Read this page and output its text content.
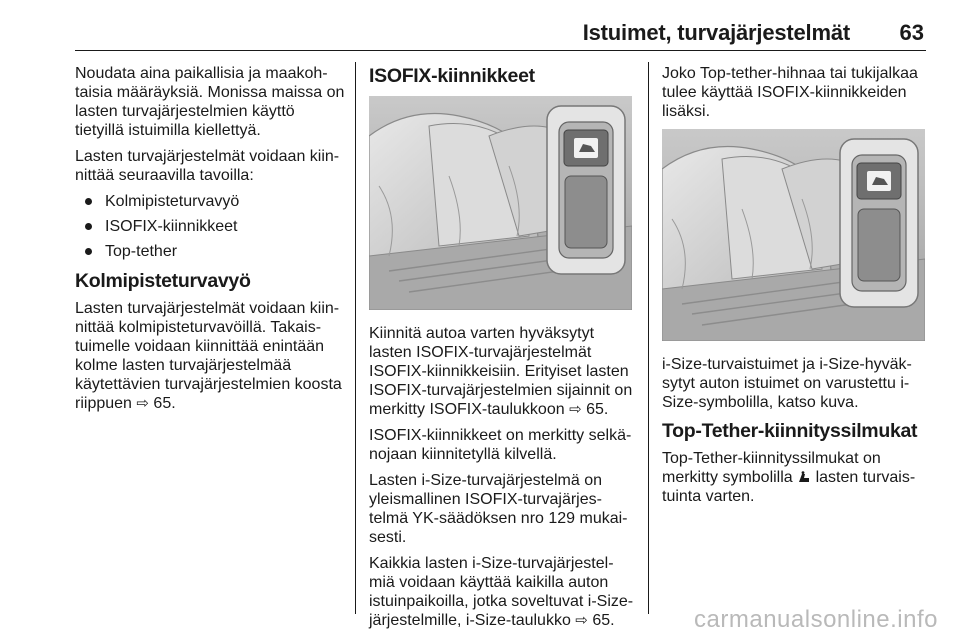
Istuimet, turvajärjestelmät 63

Noudata aina paikallisia ja maakoh-taisia määräyksiä. Monissa maissa on lasten turvajärjestelmien käyttö tietyillä istuimilla kiellettyä.

Lasten turvajärjestelmät voidaan kiin-nittää seuraavilla tavoilla:

Kolmipisteturvavyö
ISOFIX-kiinnikkeet
Top-tether
Kolmipisteturvavyö

Lasten turvajärjestelmät voidaan kiin-nittää kolmipisteturvavöillä. Takais-tuimelle voidaan kiinnittää enintään kolme lasten turvajärjestelmää käytettävien turvajärjestelmien koosta riippuen ⇨ 65.

ISOFIX-kiinnikkeet

Kiinnitä autoa varten hyväksytyt lasten ISOFIX-turvajärjestelmät ISOFIX-kiinnikkeisiin. Erityiset lasten ISOFIX-turvajärjestelmien sijainnit on merkitty ISOFIX-taulukkoon ⇨ 65.

ISOFIX-kiinnikkeet on merkitty selkä-nojaan kiinnitetyllä kilvellä.

Lasten i-Size-turvajärjestelmä on yleismallinen ISOFIX-turvajärjes-telmä YK-säädöksen nro 129 mukai-sesti.

Kaikkia lasten i-Size-turvajärjestel-miä voidaan käyttää kaikilla auton istuinpaikoilla, jotka soveltuvat i-Size-järjestelmille, i-Size-taulukko ⇨ 65.

Joko Top-tether-hihnaa tai tukijalkaa tulee käyttää ISOFIX-kiinnikkeiden lisäksi.

i-Size-turvaistuimet ja i-Size-hyväk-sytyt auton istuimet on varustettu i-Size-symbolilla, katso kuva.

Top-Tether-kiinnityssilmukat

Top-Tether-kiinnityssilmukat on merkitty symbolilla lasten turvais-tuinta varten.

carmanualsonline.info
